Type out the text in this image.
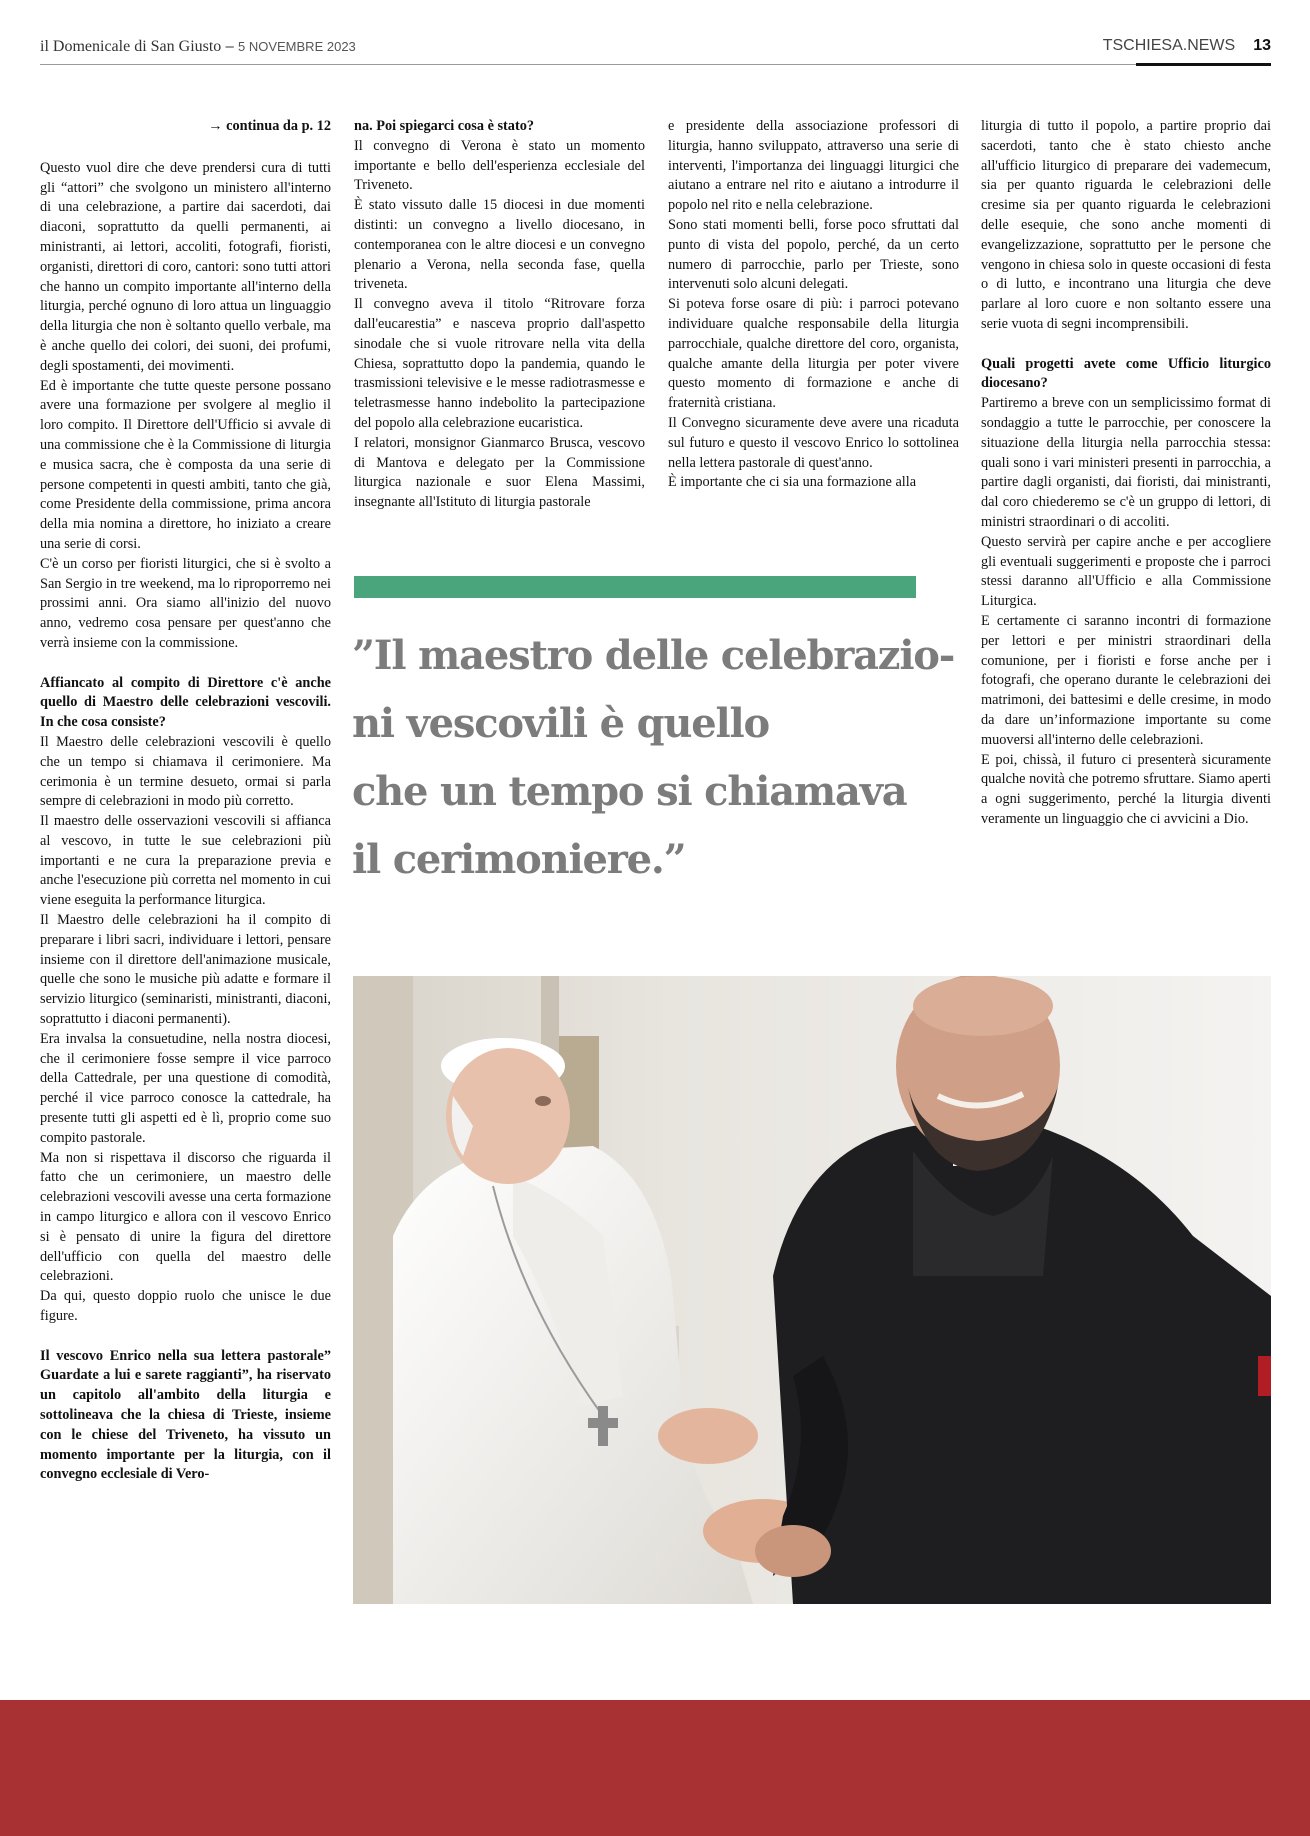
il Domenicale di San Giusto – 5 NOVEMBRE 2023	TSCHIESA.NEWS 13

→ continua da p. 12

Questo vuol dire che deve prendersi cura di tutti gli “attori” che svolgono un ministero all'interno di una celebrazione, a partire dai sacerdoti, dai diaconi, soprattutto da quelli permanenti, ai ministranti, ai lettori, accoliti, fotografi, fioristi, organisti, direttori di coro, cantori: sono tutti attori che hanno un compito importante all'interno della liturgia, perché ognuno di loro attua un linguaggio della liturgia che non è soltanto quello verbale, ma è anche quello dei colori, dei suoni, dei profumi, degli spostamenti, dei movimenti.

Ed è importante che tutte queste persone possano avere una formazione per svolgere al meglio il loro compito. Il Direttore dell'Ufficio si avvale di una commissione che è la Commissione di liturgia e musica sacra, che è composta da una serie di persone competenti in questi ambiti, tanto che già, come Presidente della commissione, prima ancora della mia nomina a direttore, ho iniziato a creare una serie di corsi.

C'è un corso per fioristi liturgici, che si è svolto a San Sergio in tre weekend, ma lo riproporremo nei prossimi anni. Ora siamo all'inizio del nuovo anno, vedremo cosa pensare per quest'anno che verrà insieme con la commissione.

Affiancato al compito di Direttore c'è anche quello di Maestro delle celebrazioni vescovili. In che cosa consiste?

Il Maestro delle celebrazioni vescovili è quello che un tempo si chiamava il cerimoniere. Ma cerimonia è un termine desueto, ormai si parla sempre di celebrazioni in modo più corretto.

Il maestro delle osservazioni vescovili si affianca al vescovo, in tutte le sue celebrazioni più importanti e ne cura la preparazione previa e anche l'esecuzione più corretta nel momento in cui viene eseguita la performance liturgica.

Il Maestro delle celebrazioni ha il compito di preparare i libri sacri, individuare i lettori, pensare insieme con il direttore dell'animazione musicale, quelle che sono le musiche più adatte e formare il servizio liturgico (seminaristi, ministranti, diaconi, soprattutto i diaconi permanenti).

Era invalsa la consuetudine, nella nostra diocesi, che il cerimoniere fosse sempre il vice parroco della Cattedrale, per una questione di comodità, perché il vice parroco conosce la cattedrale, ha presente tutti gli aspetti ed è lì, proprio come suo compito pastorale.

Ma non si rispettava il discorso che riguarda il fatto che un cerimoniere, un maestro delle celebrazioni vescovili avesse una certa formazione in campo liturgico e allora con il vescovo Enrico si è pensato di unire la figura del direttore dell'ufficio con quella del maestro delle celebrazioni.

Da qui, questo doppio ruolo che unisce le due figure.

Il vescovo Enrico nella sua lettera pastorale” Guardate a lui e sarete raggianti”, ha riservato un capitolo all'ambito della liturgia e sottolineava che la chiesa di Trieste, insieme con le chiese del Triveneto, ha vissuto un momento importante per la liturgia, con il convegno ecclesiale di Vero-

na. Poi spiegarci cosa è stato?

Il convegno di Verona è stato un momento importante e bello dell'esperienza ecclesiale del Triveneto.

È stato vissuto dalle 15 diocesi in due momenti distinti: un convegno a livello diocesano, in contemporanea con le altre diocesi e un convegno plenario a Verona, nella seconda fase, quella triveneta.

Il convegno aveva il titolo “Ritrovare forza dall'eucarestia” e nasceva proprio dall'aspetto sinodale che si vuole ritrovare nella vita della Chiesa, soprattutto dopo la pandemia, quando le trasmissioni televisive e le messe radiotrasmesse e teletrasmesse hanno indebolito la partecipazione del popolo alla celebrazione eucaristica.

I relatori, monsignor Gianmarco Brusca, vescovo di Mantova e delegato per la Commissione liturgica nazionale e suor Elena Massimi, insegnante all'Istituto di liturgia pastorale

e presidente della associazione professori di liturgia, hanno sviluppato, attraverso una serie di interventi, l'importanza dei linguaggi liturgici che aiutano a entrare nel rito e aiutano a introdurre il popolo nel rito e nella celebrazione.

Sono stati momenti belli, forse poco sfruttati dal punto di vista del popolo, perché, da un certo numero di parrocchie, parlo per Trieste, sono intervenuti solo alcuni delegati.

Si poteva forse osare di più: i parroci potevano individuare qualche responsabile della liturgia parrocchiale, qualche direttore del coro, organista, qualche amante della liturgia per poter vivere questo momento di formazione e anche di fraternità cristiana.

Il Convegno sicuramente deve avere una ricaduta sul futuro e questo il vescovo Enrico lo sottolinea nella lettera pastorale di quest'anno.

È importante che ci sia una formazione alla

liturgia di tutto il popolo, a partire proprio dai sacerdoti, tanto che è stato chiesto anche all'ufficio liturgico di preparare dei vademecum, sia per quanto riguarda le celebrazioni delle cresime sia per quanto riguarda le celebrazioni delle esequie, che sono anche momenti di evangelizzazione, soprattutto per le persone che vengono in chiesa solo in queste occasioni di festa o di lutto, e incontrano una liturgia che deve parlare al loro cuore e non soltanto essere una serie vuota di segni incomprensibili.

Quali progetti avete come Ufficio liturgico diocesano?

Partiremo a breve con un semplicissimo format di sondaggio a tutte le parrocchie, per conoscere la situazione della liturgia nella parrocchia stessa: quali sono i vari ministeri presenti in parrocchia, a partire dagli organisti, dai fioristi, dai ministranti, dal coro chiederemo se c'è un gruppo di lettori, di ministri straordinari o di accoliti.

Questo servirà per capire anche e per accogliere gli eventuali suggerimenti e proposte che i parroci stessi daranno all'Ufficio e alla Commissione Liturgica.

E certamente ci saranno incontri di formazione per lettori e per ministri straordinari della comunione, per i fioristi e forse anche per i fotografi, che operano durante le celebrazioni dei matrimoni, dei battesimi e delle cresime, in modo da dare un’informazione importante su come muoversi all'interno delle celebrazioni.

E poi, chissà, il futuro ci presenterà sicuramente qualche novità che potremo sfruttare. Siamo aperti a ogni suggerimento, perché la liturgia diventi veramente un linguaggio che ci avvicini a Dio.

”Il maestro delle celebrazio-
ni vescovili è quello
che un tempo si chiamava
il cerimoniere.”
